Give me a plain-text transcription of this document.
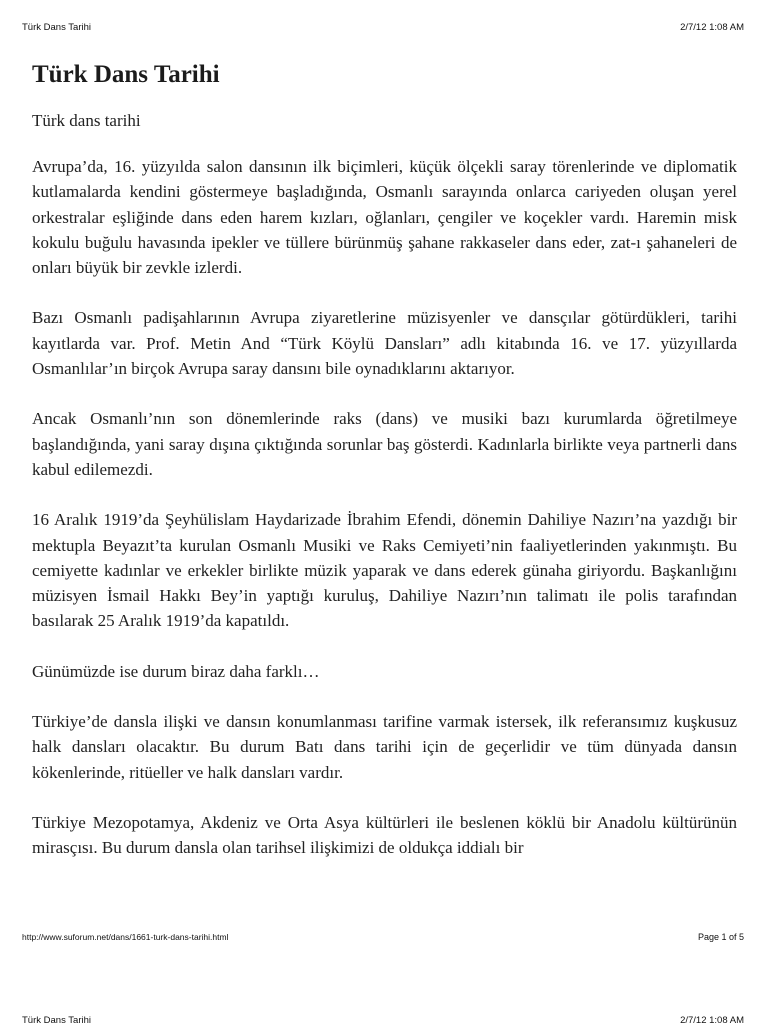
Türk Dans Tarihi	2/7/12 1:08 AM
Türk Dans Tarihi
Türk dans tarihi

Avrupa’da, 16. yüzyılda salon dansının ilk biçimleri, küçük ölçekli saray törenlerinde ve diplomatik kutlamalarda kendini göstermeye başladığında, Osmanlı sarayında onlarca cariyeden oluşan yerel orkestralar eşliğinde dans eden harem kızları, oğlanları, çengiler ve koçekler vardı. Haremin misk kokulu buğulu havasında ipekler ve tüllere bürünmüş şahane rakkaseler dans eder, zat-ı şahaneleri de onları büyük bir zevkle izlerdi.

Bazı Osmanlı padişahlarının Avrupa ziyaretlerine müzisyenler ve dansçılar götürdükleri, tarihi kayıtlarda var. Prof. Metin And “Türk Köylü Dansları” adlı kitabında 16. ve 17. yüzyıllarda Osmanlılar’ın birçok Avrupa saray dansını bile oynadıklarını aktarıyor.

Ancak Osmanlı’nın son dönemlerinde raks (dans) ve musiki bazı kurumlarda öğretilmeye başlandığında, yani saray dışına çıktığında sorunlar baş gösterdi. Kadınlarla birlikte veya partnerli dans kabul edilemezdi.

16 Aralık 1919’da Şeyhülislam Haydarizade İbrahim Efendi, dönemin Dahiliye Nazırı’na yazdığı bir mektupla Beyazıt’ta kurulan Osmanlı Musiki ve Raks Cemiyeti’nin faaliyetlerinden yakınmıştı. Bu cemiyette kadınlar ve erkekler birlikte müzik yaparak ve dans ederek günaha giriyordu. Başkanlığını müzisyen İsmail Hakkı Bey’in yaptığı kuruluş, Dahiliye Nazırı’nın talimatı ile polis tarafından basılarak 25 Aralık 1919’da kapatıldı.

Günümüzde ise durum biraz daha farklı…

Türkiye’de dansla ilişki ve dansın konumlanması tarifine varmak istersek, ilk referansımız kuşkusuz halk dansları olacaktır. Bu durum Batı dans tarihi için de geçerlidir ve tüm dünyada dansın kökenlerinde, ritüeller ve halk dansları vardır.

Türkiye Mezopotamya, Akdeniz ve Orta Asya kültürleri ile beslenen köklü bir Anadolu kültürünün mirasçısı. Bu durum dansla olan tarihsel ilişkimizi de oldukça iddialı bir

http://www.suforum.net/dans/1661-turk-dans-tarihi.html	Page 1 of 5
Türk Dans Tarihi	2/7/12 1:08 AM
